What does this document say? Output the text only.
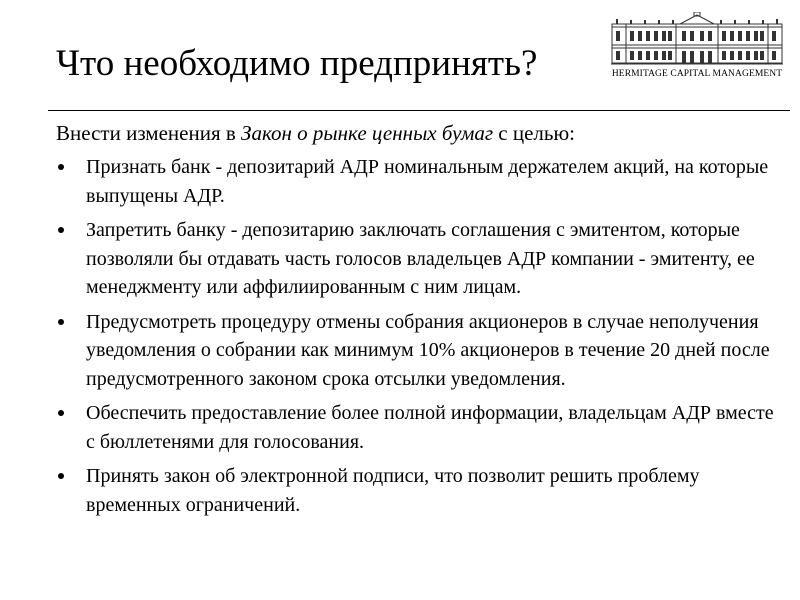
Что необходимо предпринять?	HERMITAGE CAPITAL MANAGEMENT
Внести изменения в Закон о рынке ценных бумаг с целью:
Признать банк - депозитарий АДР номинальным держателем акций, на которые выпущены АДР.
Запретить банку - депозитарию заключать соглашения с эмитентом, которые позволяли бы отдавать часть голосов владельцев АДР компании - эмитенту, ее менеджменту или аффилиированным с ним лицам.
Предусмотреть процедуру отмены собрания акционеров в случае неполучения уведомления о собрании как минимум 10% акционеров в течение 20 дней после предусмотренного законом срока отсылки уведомления.
Обеспечить предоставление более полной информации, владельцам АДР вместе с бюллетенями для голосования.
Принять закон об электронной подписи, что позволит решить проблему временных ограничений.
